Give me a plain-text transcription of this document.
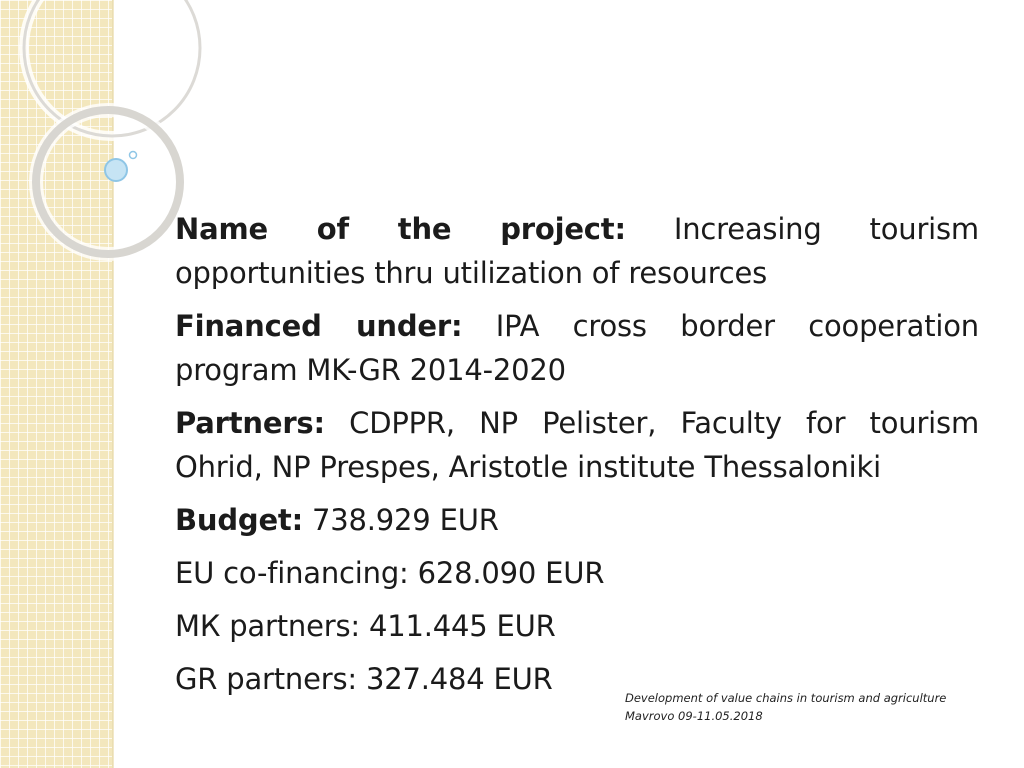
Name of the project: Increasing tourism opportunities thru utilization of resources

Financed under: IPA cross border cooperation program MK-GR 2014-2020

Partners: CDPPR, NP Pelister, Faculty for tourism Ohrid, NP Prespes, Aristotle institute Thessaloniki

Budget: 738.929 EUR

EU co-financing: 628.090 EUR

МК partners: 411.445 EUR

GR partners: 327.484 EUR

Development of value chains in tourism and agriculture
Mavrovo 09-11.05.2018
